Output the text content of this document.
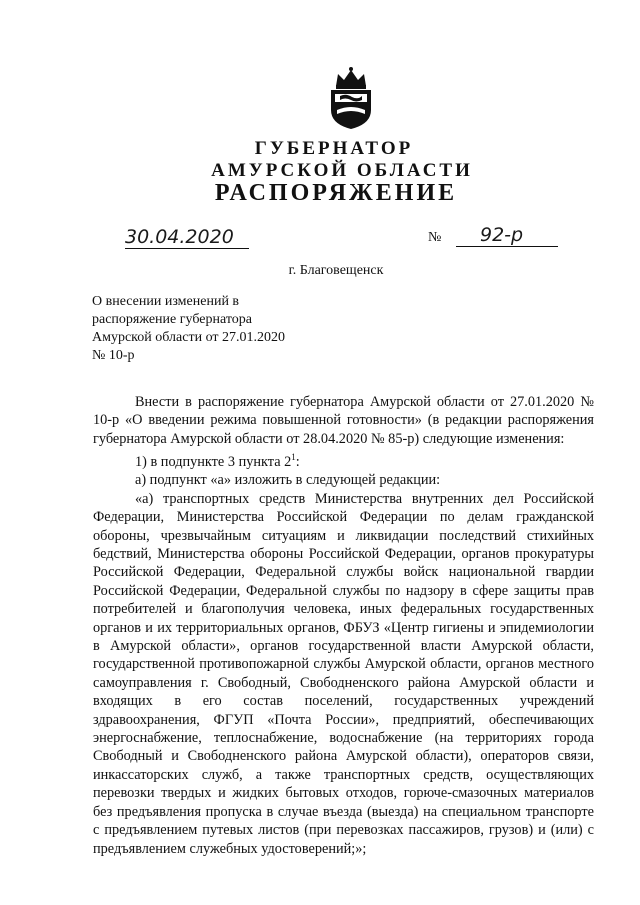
ГУБЕРНАТОР
АМУРСКОЙ ОБЛАСТИ
РАСПОРЯЖЕНИЕ
30.04.2020	№	92-р
г. Благовещенск
О внесении изменений в
распоряжение губернатора
Амурской области от 27.01.2020
№ 10-р

Внести в распоряжение губернатора Амурской области от 27.01.2020 № 10-р «О введении режима повышенной готовности» (в редакции распоряжения губернатора Амурской области от 28.04.2020 № 85-р) следующие изменения:

1) в подпункте 3 пункта $2^1$:

а) подпункт «а» изложить в следующей редакции:

«а) транспортных средств Министерства внутренних дел Российской Федерации, Министерства Российской Федерации по делам гражданской обороны, чрезвычайным ситуациям и ликвидации последствий стихийных бедствий, Министерства обороны Российской Федерации, органов прокуратуры Российской Федерации, Федеральной службы войск национальной гвардии Российской Федерации, Федеральной службы по надзору в сфере защиты прав потребителей и благополучия человека, иных федеральных государственных органов и их территориальных органов, ФБУЗ «Центр гигиены и эпидемиологии в Амурской области», органов государственной власти Амурской области, государственной противопожарной службы Амурской области, органов местного самоуправления г. Свободный, Свободненского района Амурской области и входящих в его состав поселений, государственных учреждений здравоохранения, ФГУП «Почта России», предприятий, обеспечивающих энергоснабжение, теплоснабжение, водоснабжение (на территориях города Свободный и Свободненского района Амурской области), операторов связи, инкассаторских служб, а также транспортных средств, осуществляющих перевозки твердых и жидких бытовых отходов, горюче-смазочных материалов без предъявления пропуска в случае въезда (выезда) на специальном транспорте с предъявлением путевых листов (при перевозках пассажиров, грузов) и (или) с предъявлением служебных удостоверений;»;
